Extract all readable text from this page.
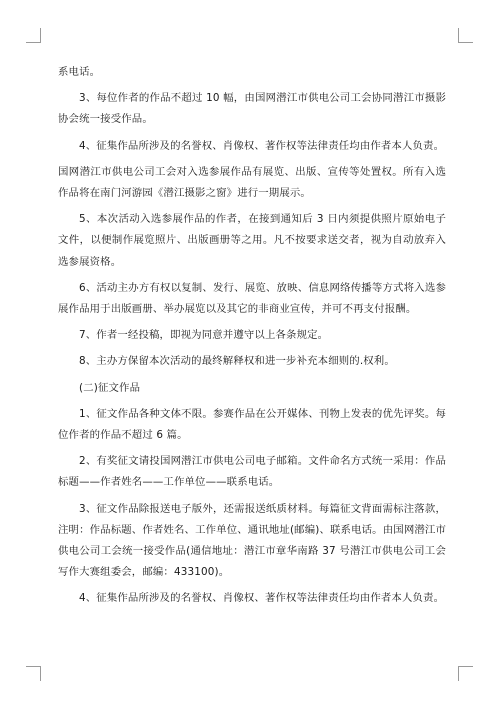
系电话。

3、每位作者的作品不超过 10 幅，由国网潜江市供电公司工会协同潜江市摄影协会统一接受作品。

4、征集作品所涉及的名誉权、肖像权、著作权等法律责任均由作者本人负责。

国网潜江市供电公司工会对入选参展作品有展览、出版、宣传等处置权。所有入选作品将在南门河游园《潜江摄影之窗》进行一期展示。

5、本次活动入选参展作品的作者，在接到通知后 3 日内须提供照片原始电子文件，以便制作展览照片、出版画册等之用。凡不按要求送交者，视为自动放弃入选参展资格。

6、活动主办方有权以复制、发行、展览、放映、信息网络传播等方式将入选参展作品用于出版画册、举办展览以及其它的非商业宣传，并可不再支付报酬。

7、作者一经投稿，即视为同意并遵守以上各条规定。

8、主办方保留本次活动的最终解释权和进一步补充本细则的.权利。

(二)征文作品

1、征文作品各种文体不限。参赛作品在公开媒体、刊物上发表的优先评奖。每位作者的作品不超过 6 篇。

2、有奖征文请投国网潜江市供电公司电子邮箱。文件命名方式统一采用：作品标题——作者姓名——工作单位——联系电话。

3、征文作品除报送电子版外，还需报送纸质材料。每篇征文背面需标注落款，注明：作品标题、作者姓名、工作单位、通讯地址(邮编)、联系电话。由国网潜江市供电公司工会统一接受作品(通信地址：潜江市章华南路 37 号潜江市供电公司工会写作大赛组委会，邮编：433100)。

4、征集作品所涉及的名誉权、肖像权、著作权等法律责任均由作者本人负责。
